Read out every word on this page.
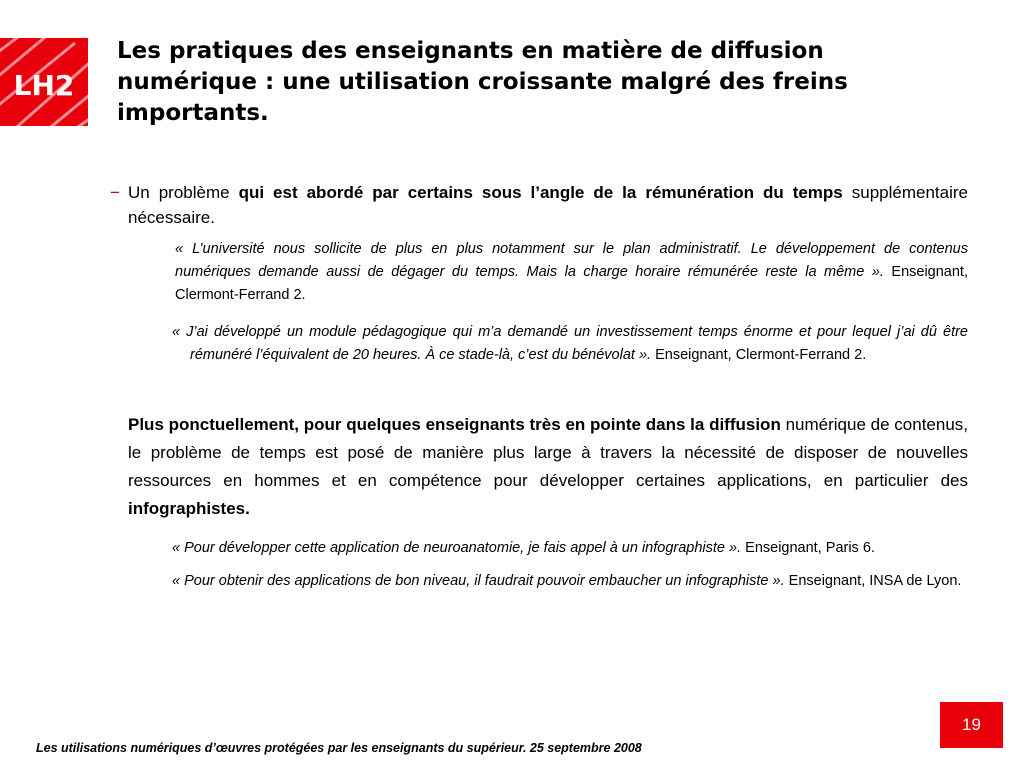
LH2
Les pratiques des enseignants en matière de diffusion numérique : une utilisation croissante malgré des freins importants.
− Un problème qui est abordé par certains sous l’angle de la rémunération du temps supplémentaire nécessaire.
« L’université nous sollicite de plus en plus notamment sur le plan administratif. Le développement de contenus numériques demande aussi de dégager du temps. Mais la charge horaire rémunérée reste la même ». Enseignant, Clermont-Ferrand 2.
« J’ai développé un module pédagogique qui m’a demandé un investissement temps énorme et pour lequel j’ai dû être rémunéré l’équivalent de 20 heures. À ce stade-là, c’est du bénévolat ». Enseignant, Clermont-Ferrand 2.
Plus ponctuellement, pour quelques enseignants très en pointe dans la diffusion numérique de contenus, le problème de temps est posé de manière plus large à travers la nécessité de disposer de nouvelles ressources en hommes et en compétence pour développer certaines applications, en particulier des infographistes.
« Pour développer cette application de neuroanatomie, je fais appel à un infographiste ». Enseignant, Paris 6.
« Pour obtenir des applications de bon niveau, il faudrait pouvoir embaucher un infographiste ». Enseignant, INSA de Lyon.
19
Les utilisations numériques d’œuvres protégées par les enseignants du supérieur. 25 septembre 2008
